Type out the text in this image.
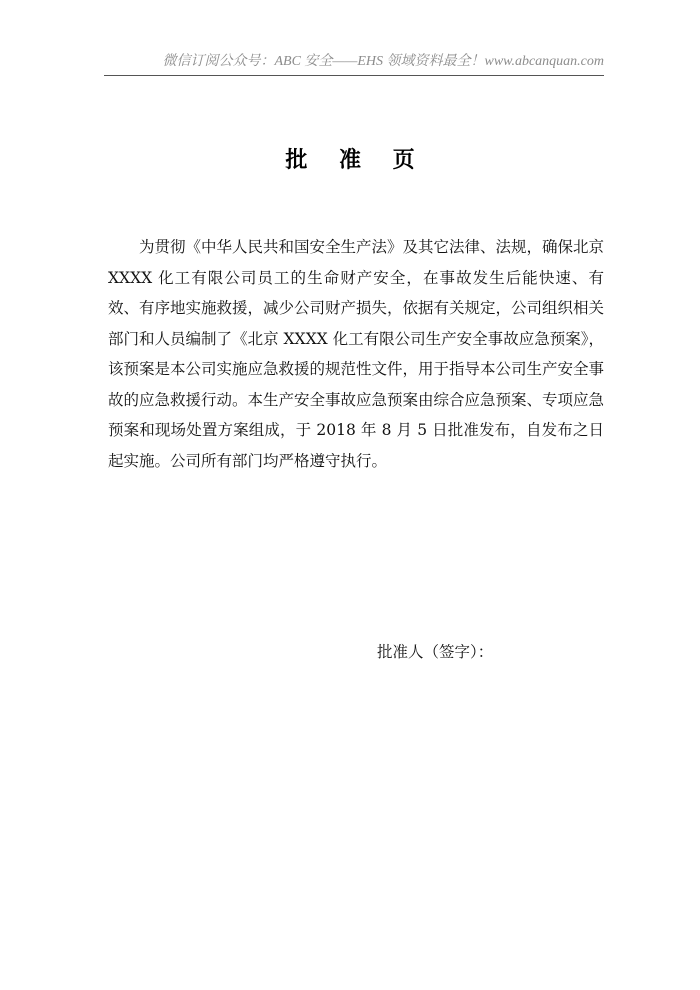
微信订阅公众号：ABC 安全——EHS 领域资料最全！www.abcanquan.com
批 准 页

为贯彻《中华人民共和国安全生产法》及其它法律、法规，确保北京 XXXX 化工有限公司员工的生命财产安全，在事故发生后能快速、有效、有序地实施救援，减少公司财产损失，依据有关规定，公司组织相关部门和人员编制了《北京 XXXX 化工有限公司生产安全事故应急预案》，该预案是本公司实施应急救援的规范性文件，用于指导本公司生产安全事故的应急救援行动。本生产安全事故应急预案由综合应急预案、专项应急预案和现场处置方案组成，于 2018 年 8 月 5 日批准发布，自发布之日起实施。公司所有部门均严格遵守执行。

批准人（签字）：
